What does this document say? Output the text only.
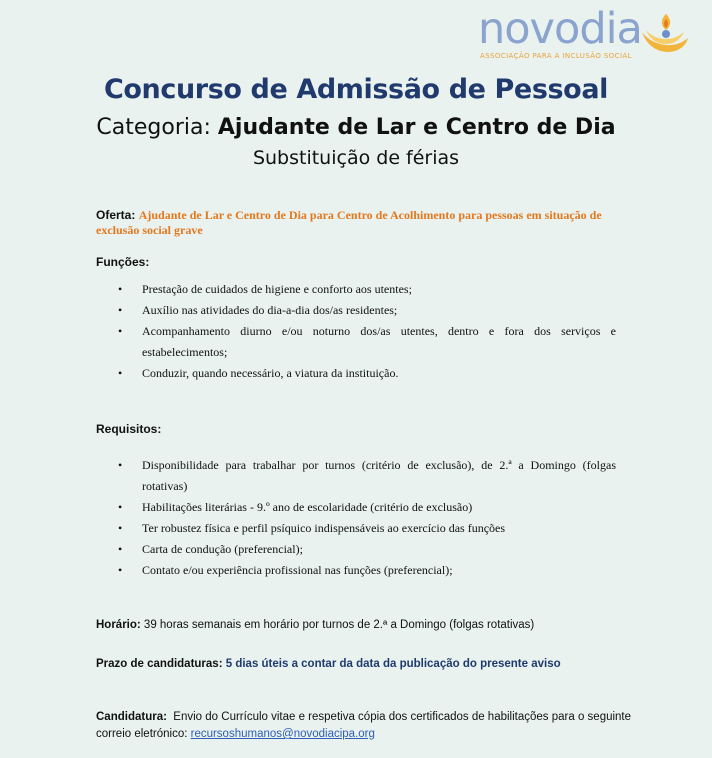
novodia
ASSOCIAÇÃO PARA A INCLUSÃO SOCIAL
Concurso de Admissão de Pessoal
Categoria: Ajudante de Lar e Centro de Dia
Substituição de férias
Oferta: Ajudante de Lar e Centro de Dia para Centro de Acolhimento para pessoas em situação de exclusão social grave
Funções:
• Prestação de cuidados de higiene e conforto aos utentes;
• Auxílio nas atividades do dia-a-dia dos/as residentes;
• Acompanhamento diurno e/ou noturno dos/as utentes, dentro e fora dos serviços e estabelecimentos;
• Conduzir, quando necessário, a viatura da instituição.
Requisitos:
• Disponibilidade para trabalhar por turnos (critério de exclusão), de 2.ª a Domingo (folgas rotativas)
• Habilitações literárias - 9.º ano de escolaridade (critério de exclusão)
• Ter robustez física e perfil psíquico indispensáveis ao exercício das funções
• Carta de condução (preferencial);
• Contato e/ou experiência profissional nas funções (preferencial);
Horário: 39 horas semanais em horário por turnos de 2.ª a Domingo (folgas rotativas)
Prazo de candidaturas: 5 dias úteis a contar da data da publicação do presente aviso
Candidatura:  Envio do Currículo vitae e respetiva cópia dos certificados de habilitações para o seguinte correio eletrónico: recursoshumanos@novodiacipa.org
